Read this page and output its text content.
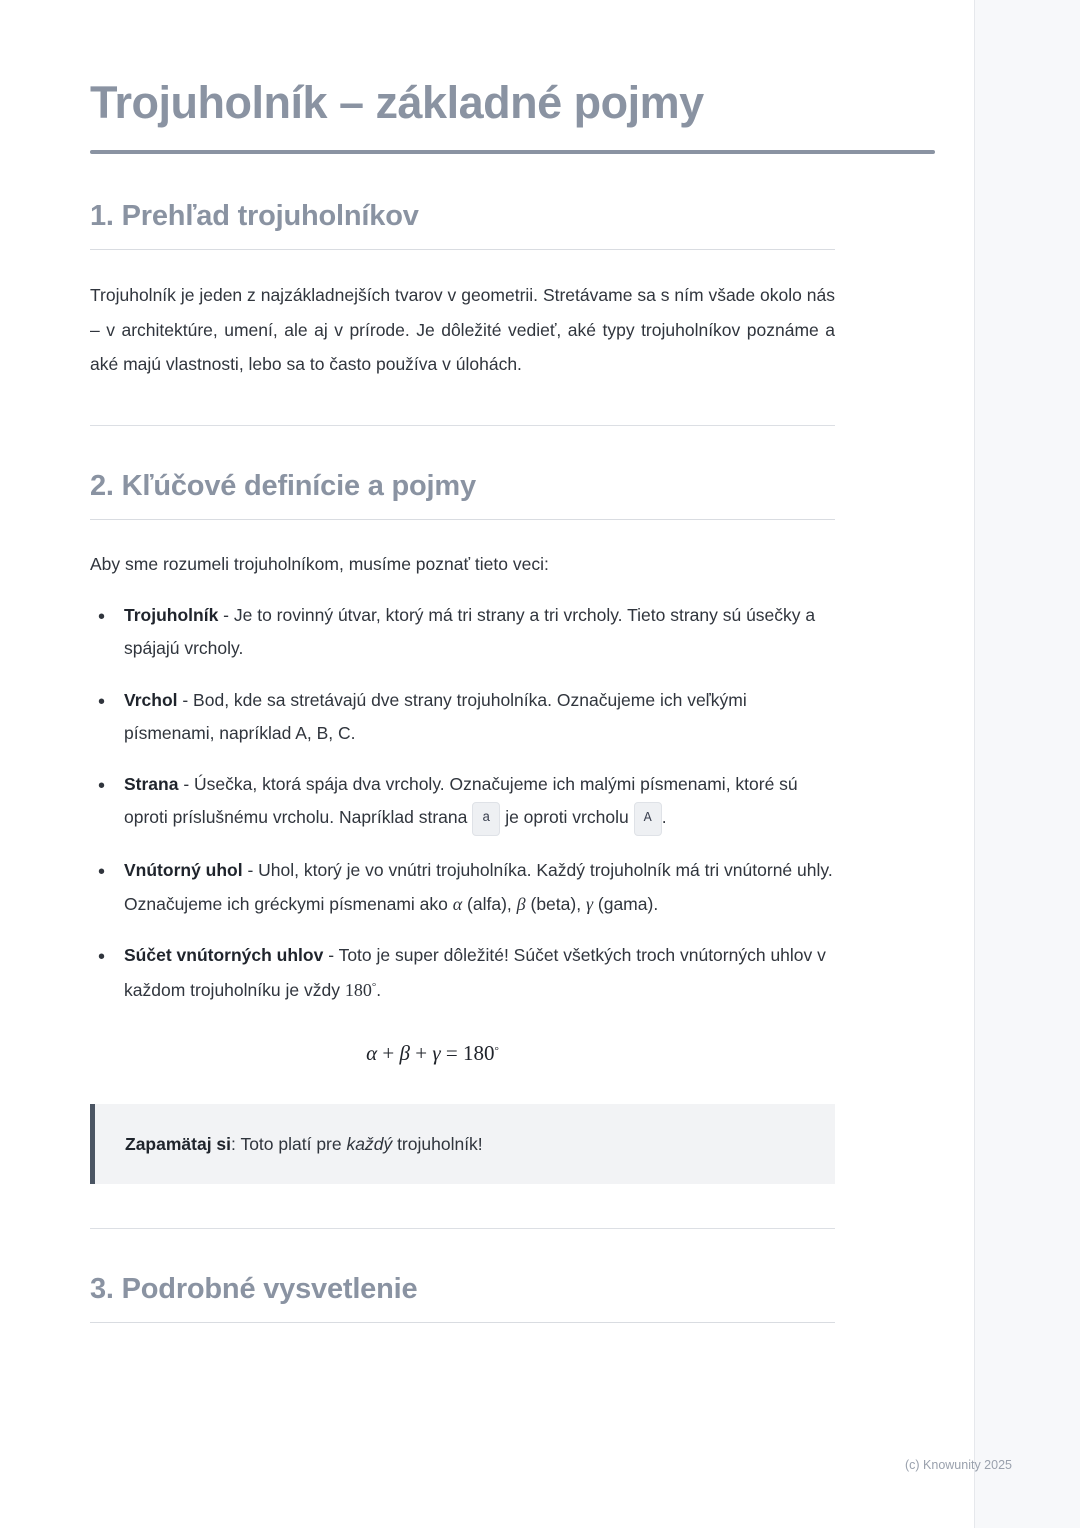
Trojuholník – základné pojmy
1. Prehľad trojuholníkov

Trojuholník je jeden z najzákladnejších tvarov v geometrii. Stretávame sa s ním všade okolo nás – v architektúre, umení, ale aj v prírode. Je dôležité vedieť, aké typy trojuholníkov poznáme a aké majú vlastnosti, lebo sa to často používa v úlohách.

2. Kľúčové definície a pojmy

Aby sme rozumeli trojuholníkom, musíme poznať tieto veci:

• Trojuholník - Je to rovinný útvar, ktorý má tri strany a tri vrcholy. Tieto strany sú úsečky a spájajú vrcholy.
• Vrchol - Bod, kde sa stretávajú dve strany trojuholníka. Označujeme ich veľkými písmenami, napríklad A, B, C.
• Strana - Úsečka, ktorá spája dva vrcholy. Označujeme ich malými písmenami, ktoré sú oproti príslušnému vrcholu. Napríklad strana a je oproti vrcholu A .
• Vnútorný uhol - Uhol, ktorý je vo vnútri trojuholníka. Každý trojuholník má tri vnútorné uhly. Označujeme ich gréckymi písmenami ako α (alfa), β (beta), γ (gama).
• Súčet vnútorných uhlov - Toto je super dôležité! Súčet všetkých troch vnútorných uhlov v každom trojuholníku je vždy 180°.
α + β + γ = 180°
Zapamätaj si: Toto platí pre každý trojuholník!
3. Podrobné vysvetlenie
(c) Knowunity 2025
